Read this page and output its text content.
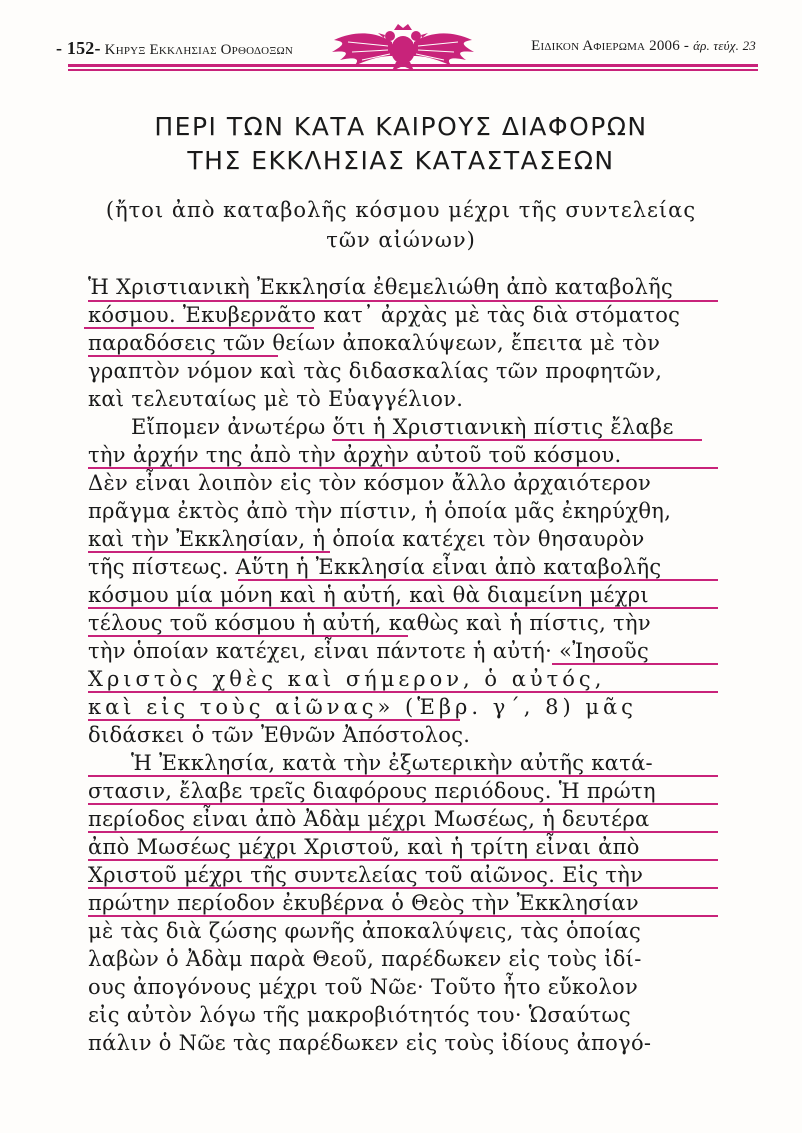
- 152- Κηρυξ Εκκλησιας Ορθοδοξων	Ειδικον Αφιερωμα 2006 - άρ. τεύχ. 23
ΠΕΡΙ ΤΩΝ ΚΑΤΑ ΚΑΙΡΟΥΣ ΔΙΑΦΟΡΩΝ
ΤΗΣ ΕΚΚΛΗΣΙΑΣ ΚΑΤΑΣΤΑΣΕΩΝ
(ἤτοι ἀπὸ καταβολῆς κόσμου μέχρι τῆς συντελείας
τῶν αἰώνων)
Ἡ Χριστιανικὴ Ἐκκλησία ἐθεμελιώθη ἀπὸ καταβολῆς
κόσμου. Ἐκυβερνᾶτο κατ᾿ ἀρχὰς μὲ τὰς διὰ στόματος
παραδόσεις τῶν θείων ἀποκαλύψεων, ἔπειτα μὲ τὸν
γραπτὸν νόμον καὶ τὰς διδασκαλίας τῶν προφητῶν,
καὶ τελευταίως μὲ τὸ Εὐαγγέλιον.
Εἴπομεν ἀνωτέρω ὅτι ἡ Χριστιανικὴ πίστις ἔλαβε
τὴν ἀρχήν της ἀπὸ τὴν ἀρχὴν αὐτοῦ τοῦ κόσμου.
Δὲν εἶναι λοιπὸν εἰς τὸν κόσμον ἄλλο ἀρχαιότερον
πρᾶγμα ἐκτὸς ἀπὸ τὴν πίστιν, ἡ ὁποία μᾶς ἐκηρύχθη,
καὶ τὴν Ἐκκλησίαν, ἡ ὁποία κατέχει τὸν θησαυρὸν
τῆς πίστεως. Αὕτη ἡ Ἐκκλησία εἶναι ἀπὸ καταβολῆς
κόσμου μία μόνη καὶ ἡ αὐτή, καὶ θὰ διαμείνη μέχρι
τέλους τοῦ κόσμου ἡ αὐτή, καθὼς καὶ ἡ πίστις, τὴν
τὴν ὁποίαν κατέχει, εἶναι πάντοτε ἡ αὐτή· «Ἰησοῦς
Χριστὸς χθὲς καὶ σήμερον, ὁ αὐτός,
καὶ εἰς τοὺς αἰῶνας» (Ἑβρ. γ΄, 8) μᾶς
διδάσκει ὁ τῶν Ἐθνῶν Ἀπόστολος.
Ἡ Ἐκκλησία, κατὰ τὴν ἐξωτερικὴν αὐτῆς κατά-
στασιν, ἔλαβε τρεῖς διαφόρους περιόδους. Ἡ πρώτη
περίοδος εἶναι ἀπὸ Ἀδὰμ μέχρι Μωσέως, ἡ δευτέρα
ἀπὸ Μωσέως μέχρι Χριστοῦ, καὶ ἡ τρίτη εἶναι ἀπὸ
Χριστοῦ μέχρι τῆς συντελείας τοῦ αἰῶνος. Εἰς τὴν
πρώτην περίοδον ἐκυβέρνα ὁ Θεὸς τὴν Ἐκκλησίαν
μὲ τὰς διὰ ζώσης φωνῆς ἀποκαλύψεις, τὰς ὁποίας
λαβὼν ὁ Ἀδὰμ παρὰ Θεοῦ, παρέδωκεν εἰς τοὺς ἰδί-
ους ἀπογόνους μέχρι τοῦ Νῶε· Τοῦτο ἦτο εὔκολον
εἰς αὐτὸν λόγω τῆς μακροβιότητός του· Ὡσαύτως
πάλιν ὁ Νῶε τὰς παρέδωκεν εἰς τοὺς ἰδίους ἀπογό-
